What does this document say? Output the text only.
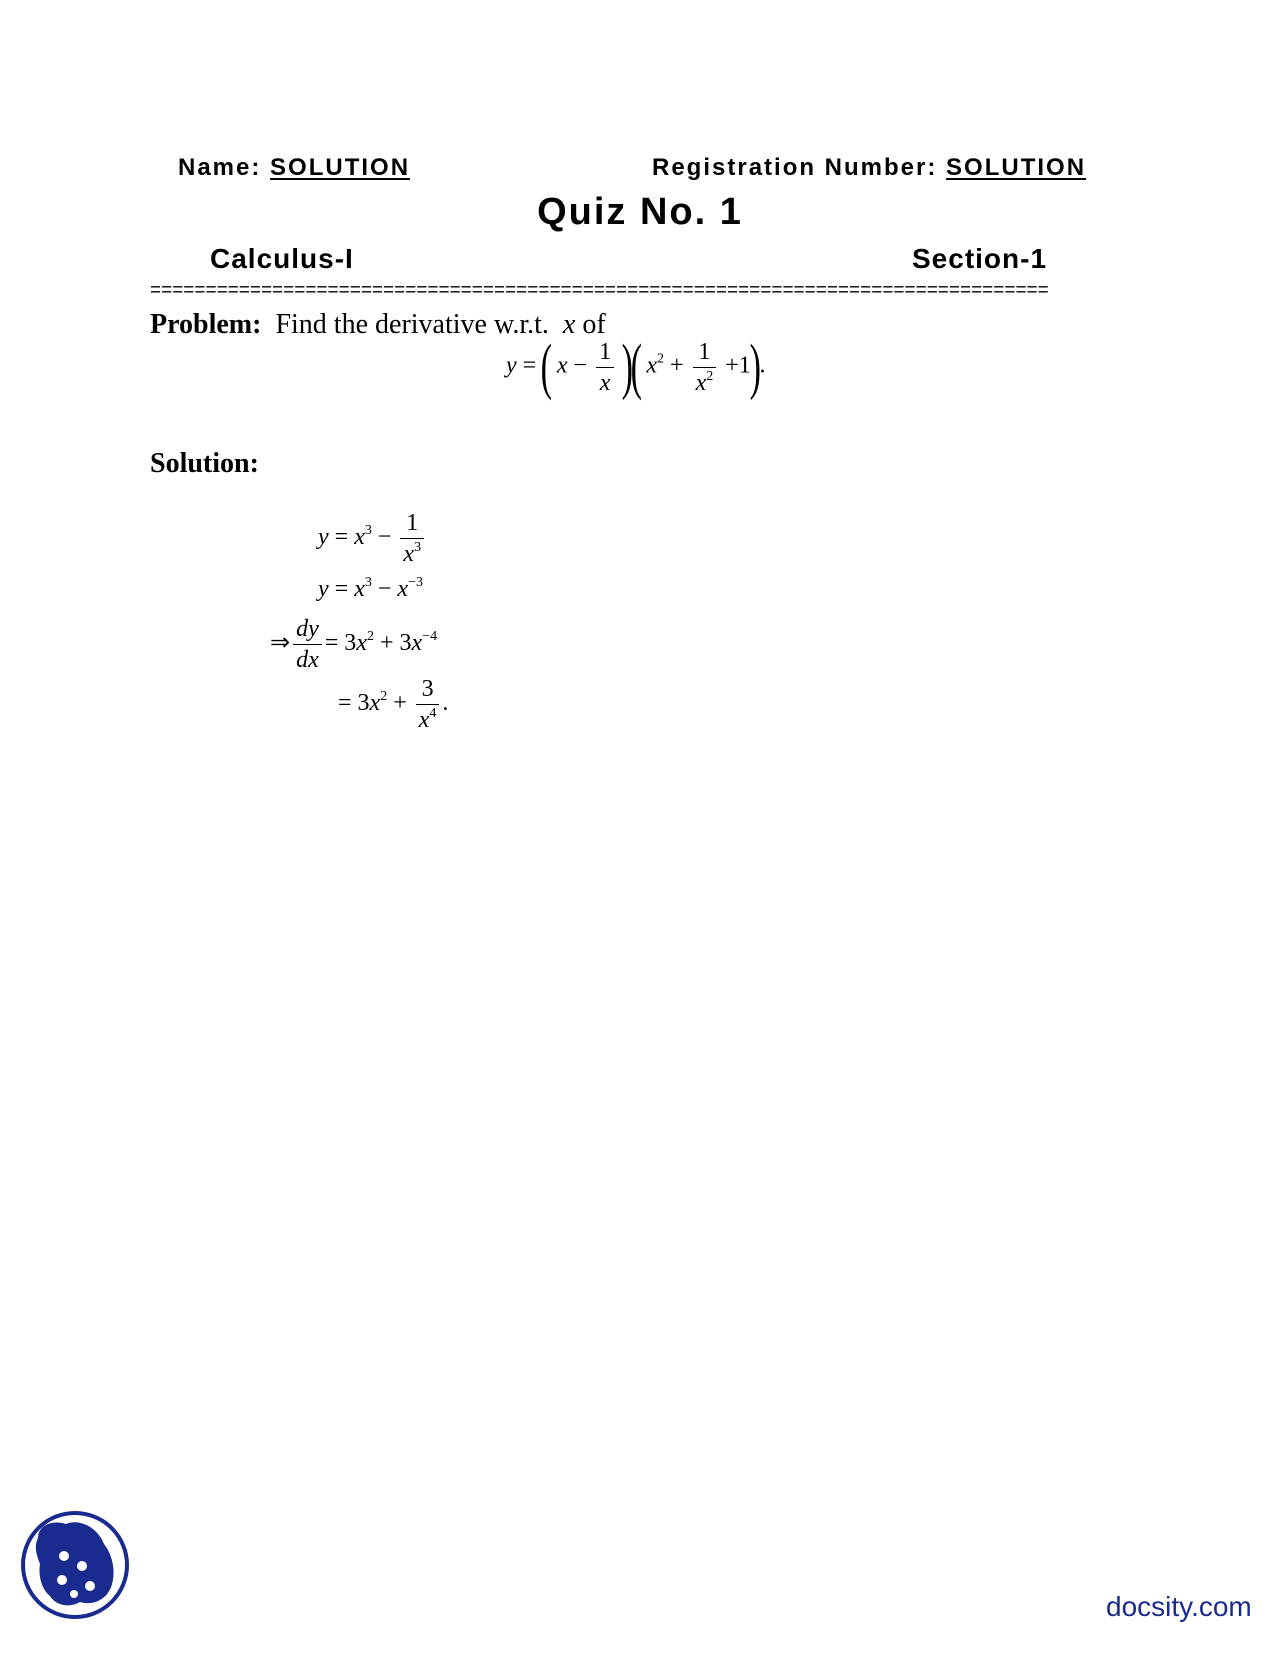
Name: SOLUTION	Registration Number: SOLUTION
Quiz No. 1
Calculus-I	Section-1
=================================================================================
Problem: Find the derivative w.r.t. x of
y = ( $x - \frac{1}{x}$ )( $x^2 + \frac{1}{x^2} +1$).
Solution:
$y = x^3 - \frac{1}{x^3}$
$y = x^3 - x^{-3}$
⇒ $\frac{dy}{dx} = 3x^2 + 3x^{-4}$
= $3x^2 + \frac{3}{x^4}$ .
docsity.com
